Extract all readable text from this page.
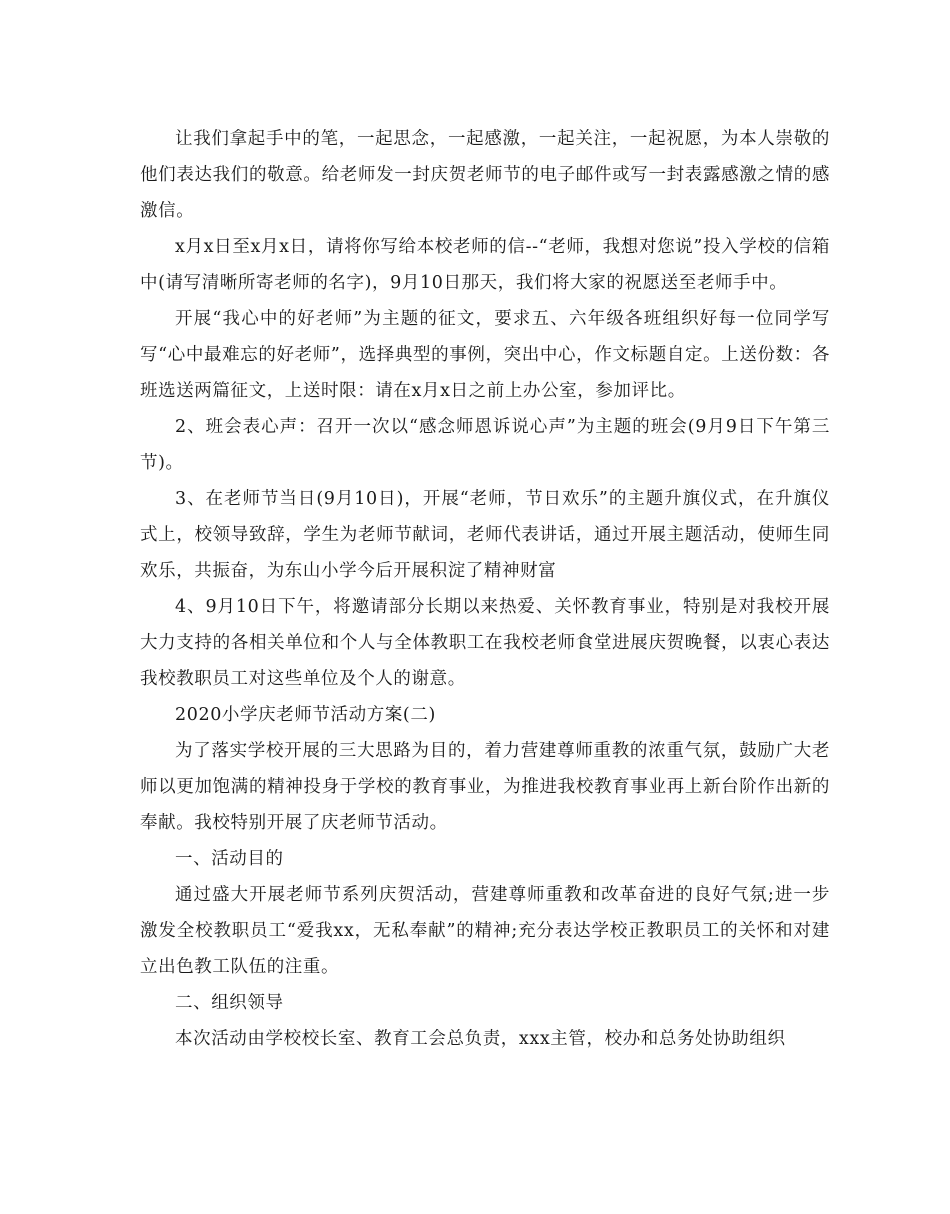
让我们拿起手中的笔，一起思念，一起感激，一起关注，一起祝愿，为本人崇敬的他们表达我们的敬意。给老师发一封庆贺老师节的电子邮件或写一封表露感激之情的感激信。

x月x日至x月x日，请将你写给本校老师的信--“老师，我想对您说”投入学校的信箱中(请写清晰所寄老师的名字)，9月10日那天，我们将大家的祝愿送至老师手中。

开展“我心中的好老师”为主题的征文，要求五、六年级各班组织好每一位同学写写“心中最难忘的好老师”，选择典型的事例，突出中心，作文标题自定。上送份数：各班选送两篇征文，上送时限：请在x月x日之前上办公室，参加评比。

2、班会表心声：召开一次以“感念师恩诉说心声”为主题的班会(9月9日下午第三节)。

3、在老师节当日(9月10日)，开展“老师，节日欢乐”的主题升旗仪式，在升旗仪式上，校领导致辞，学生为老师节献词，老师代表讲话，通过开展主题活动，使师生同欢乐，共振奋，为东山小学今后开展积淀了精神财富

4、9月10日下午，将邀请部分长期以来热爱、关怀教育事业，特别是对我校开展大力支持的各相关单位和个人与全体教职工在我校老师食堂进展庆贺晚餐，以衷心表达我校教职员工对这些单位及个人的谢意。

2020小学庆老师节活动方案(二)

为了落实学校开展的三大思路为目的，着力营建尊师重教的浓重气氛，鼓励广大老师以更加饱满的精神投身于学校的教育事业，为推进我校教育事业再上新台阶作出新的奉献。我校特别开展了庆老师节活动。

一、活动目的

通过盛大开展老师节系列庆贺活动，营建尊师重教和改革奋进的良好气氛;进一步激发全校教职员工“爱我xx，无私奉献”的精神;充分表达学校正教职员工的关怀和对建立出色教工队伍的注重。

二、组织领导

本次活动由学校校长室、教育工会总负责，xxx主管，校办和总务处协助组织
